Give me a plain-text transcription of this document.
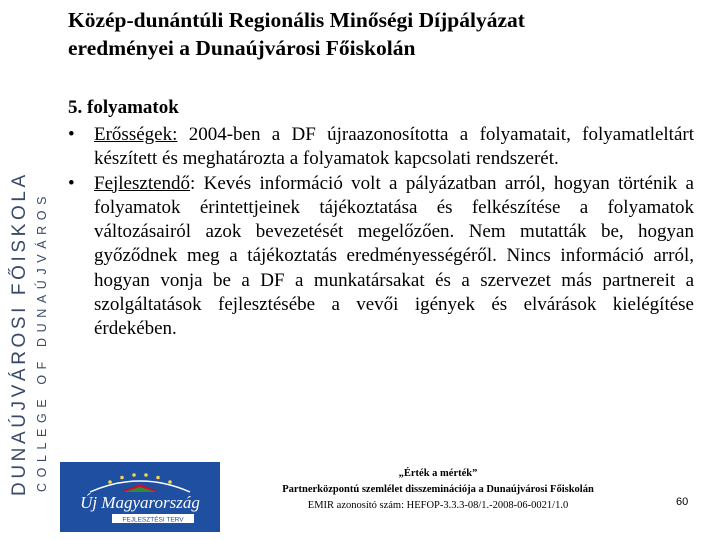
DUNAÚJVÁROSI FŐISKOLA COLLEGE OF DUNAÚJVÁROS
Közép-dunántúli Regionális Minőségi Díjpályázat
eredményei a Dunaújvárosi Főiskolán
5. folyamatok
• Erősségek: 2004-ben a DF újraazonosította a folyamatait, folyamatleltárt készített és meghatározta a folyamatok kapcsolati rendszerét.
• Fejlesztendő: Kevés információ volt a pályázatban arról, hogyan történik a folyamatok érintettjeinek tájékoztatása és felkészítése a folyamatok változásairól azok bevezetését megelőzően. Nem mutatták be, hogyan győződnek meg a tájékoztatás eredményességéről. Nincs információ arról, hogyan vonja be a DF a munkatársakat és a szervezet más partnereit a szolgáltatások fejlesztésébe a vevői igények és elvárások kielégítése érdekében.
Új Magyarország
FEJLESZTÉSI TERV
„Érték a mérték”
Partnerközpontú szemlélet disszeminációja a Dunaújvárosi Főiskolán
EMIR azonosító szám: HEFOP-3.3.3-08/1.-2008-06-0021/1.0	60
